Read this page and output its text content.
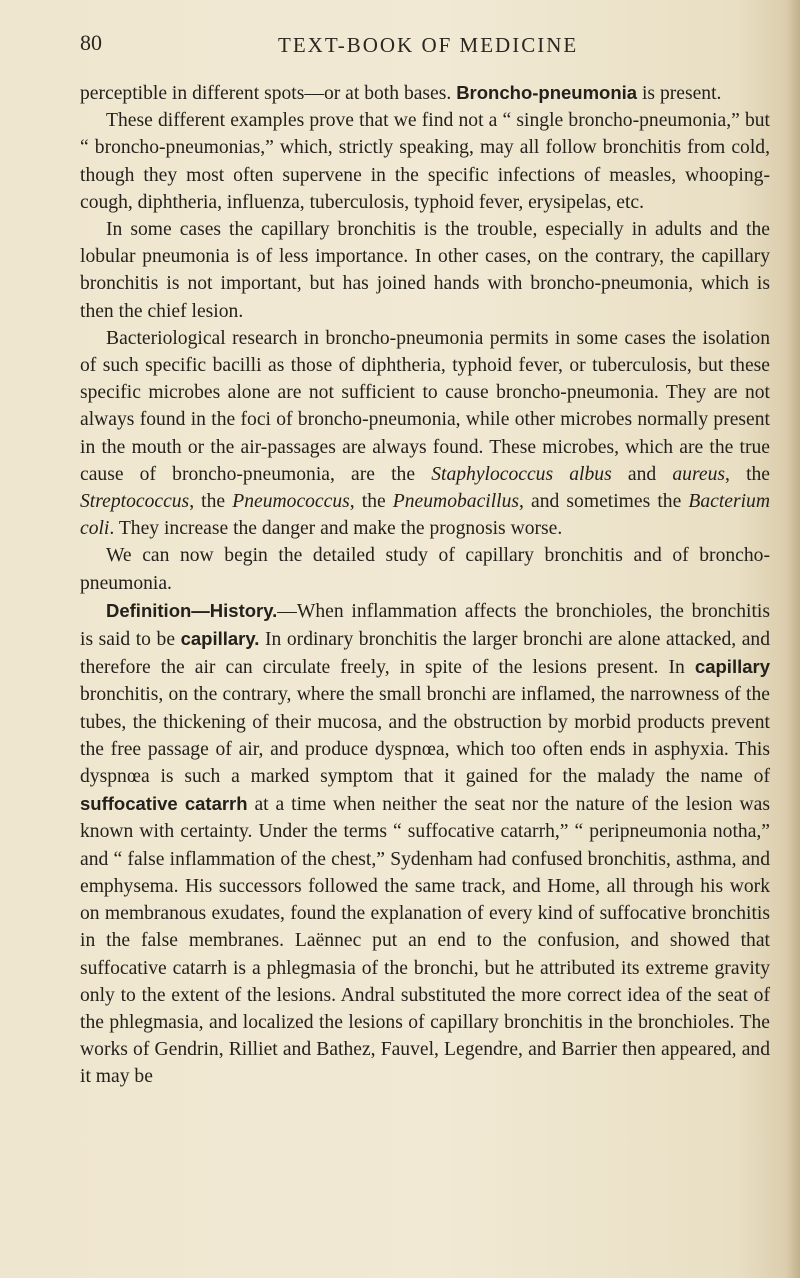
80	TEXT-BOOK OF MEDICINE

perceptible in different spots—or at both bases. Broncho-pneumonia is present.

These different examples prove that we find not a “ single broncho-pneumonia,” but “ broncho-pneumonias,” which, strictly speaking, may all follow bronchitis from cold, though they most often supervene in the specific infections of measles, whooping-cough, diphtheria, influenza, tuberculosis, typhoid fever, erysipelas, etc.

In some cases the capillary bronchitis is the trouble, especially in adults and the lobular pneumonia is of less importance. In other cases, on the contrary, the capillary bronchitis is not important, but has joined hands with broncho-pneumonia, which is then the chief lesion.

Bacteriological research in broncho-pneumonia permits in some cases the isolation of such specific bacilli as those of diphtheria, typhoid fever, or tuberculosis, but these specific microbes alone are not sufficient to cause broncho-pneumonia. They are not always found in the foci of broncho-pneumonia, while other microbes normally present in the mouth or the air-passages are always found. These microbes, which are the true cause of broncho-pneumonia, are the Staphylococcus albus and aureus, the Streptococcus, the Pneumococcus, the Pneumobacillus, and sometimes the Bacterium coli. They increase the danger and make the prognosis worse.

We can now begin the detailed study of capillary bronchitis and of broncho-pneumonia.

Definition—History.—When inflammation affects the bronchioles, the bronchitis is said to be capillary. In ordinary bronchitis the larger bronchi are alone attacked, and therefore the air can circulate freely, in spite of the lesions present. In capillary bronchitis, on the contrary, where the small bronchi are inflamed, the narrowness of the tubes, the thickening of their mucosa, and the obstruction by morbid products prevent the free passage of air, and produce dyspnœa, which too often ends in asphyxia. This dyspnœa is such a marked symptom that it gained for the malady the name of suffocative catarrh at a time when neither the seat nor the nature of the lesion was known with certainty. Under the terms “ suffocative catarrh,” “ peripneumonia notha,” and “ false inflammation of the chest,” Sydenham had confused bronchitis, asthma, and emphysema. His successors followed the same track, and Home, all through his work on membranous exudates, found the explanation of every kind of suffocative bronchitis in the false membranes. Laënnec put an end to the confusion, and showed that suffocative catarrh is a phlegmasia of the bronchi, but he attributed its extreme gravity only to the extent of the lesions. Andral substituted the more correct idea of the seat of the phlegmasia, and localized the lesions of capillary bronchitis in the bronchioles. The works of Gendrin, Rilliet and Bathez, Fauvel, Legendre, and Barrier then appeared, and it may be
